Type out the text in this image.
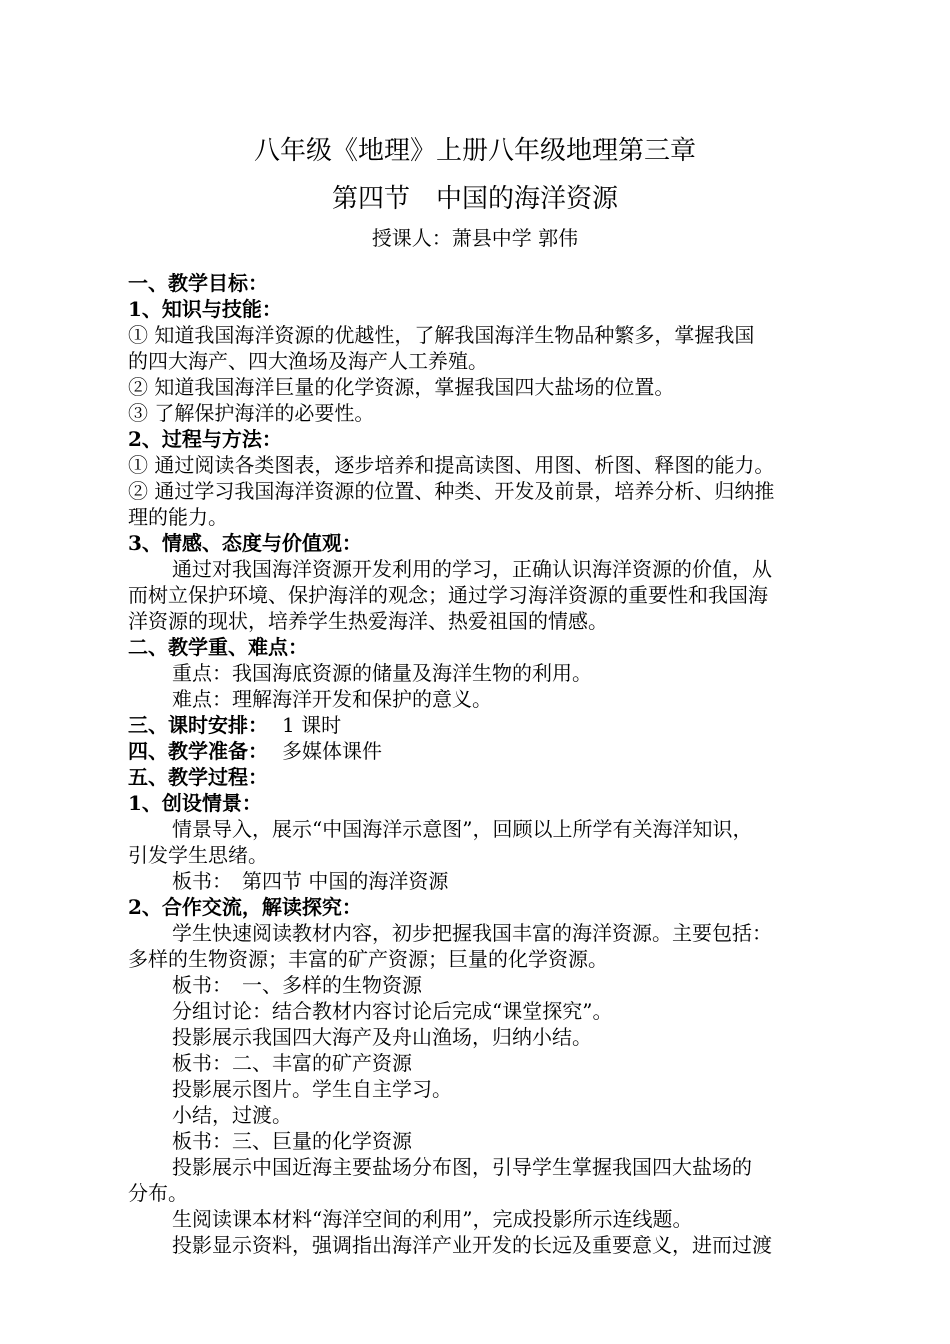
八年级《地理》上册八年级地理第三章
第四节　中国的海洋资源
授课人：萧县中学 郭伟
一、教学目标：
1、知识与技能：
① 知道我国海洋资源的优越性，了解我国海洋生物品种繁多，掌握我国
的四大海产、四大渔场及海产人工养殖。
② 知道我国海洋巨量的化学资源，掌握我国四大盐场的位置。
③ 了解保护海洋的必要性。
2、过程与方法：
① 通过阅读各类图表，逐步培养和提高读图、用图、析图、释图的能力。
② 通过学习我国海洋资源的位置、种类、开发及前景，培养分析、归纳推
理的能力。
3、情感、态度与价值观：
通过对我国海洋资源开发利用的学习，正确认识海洋资源的价值，从
而树立保护环境、保护海洋的观念；通过学习海洋资源的重要性和我国海
洋资源的现状，培养学生热爱海洋、热爱祖国的情感。
二、教学重、难点：
重点：我国海底资源的储量及海洋生物的利用。
难点：理解海洋开发和保护的意义。
三、课时安排： 1 课时
四、教学准备： 多媒体课件
五、教学过程：
1、创设情景：
情景导入，展示“中国海洋示意图”，回顾以上所学有关海洋知识，
引发学生思绪。
板书：　第四节 中国的海洋资源
2、合作交流，解读探究：
学生快速阅读教材内容，初步把握我国丰富的海洋资源。主要包括：
多样的生物资源；丰富的矿产资源；巨量的化学资源。
板书：　一、多样的生物资源
分组讨论：结合教材内容讨论后完成“课堂探究”。
投影展示我国四大海产及舟山渔场，归纳小结。
板书：二、丰富的矿产资源
投影展示图片。学生自主学习。
小结，过渡。
板书：三、巨量的化学资源
投影展示中国近海主要盐场分布图，引导学生掌握我国四大盐场的
分布。
生阅读课本材料“海洋空间的利用”，完成投影所示连线题。
投影显示资料，强调指出海洋产业开发的长远及重要意义，进而过渡
